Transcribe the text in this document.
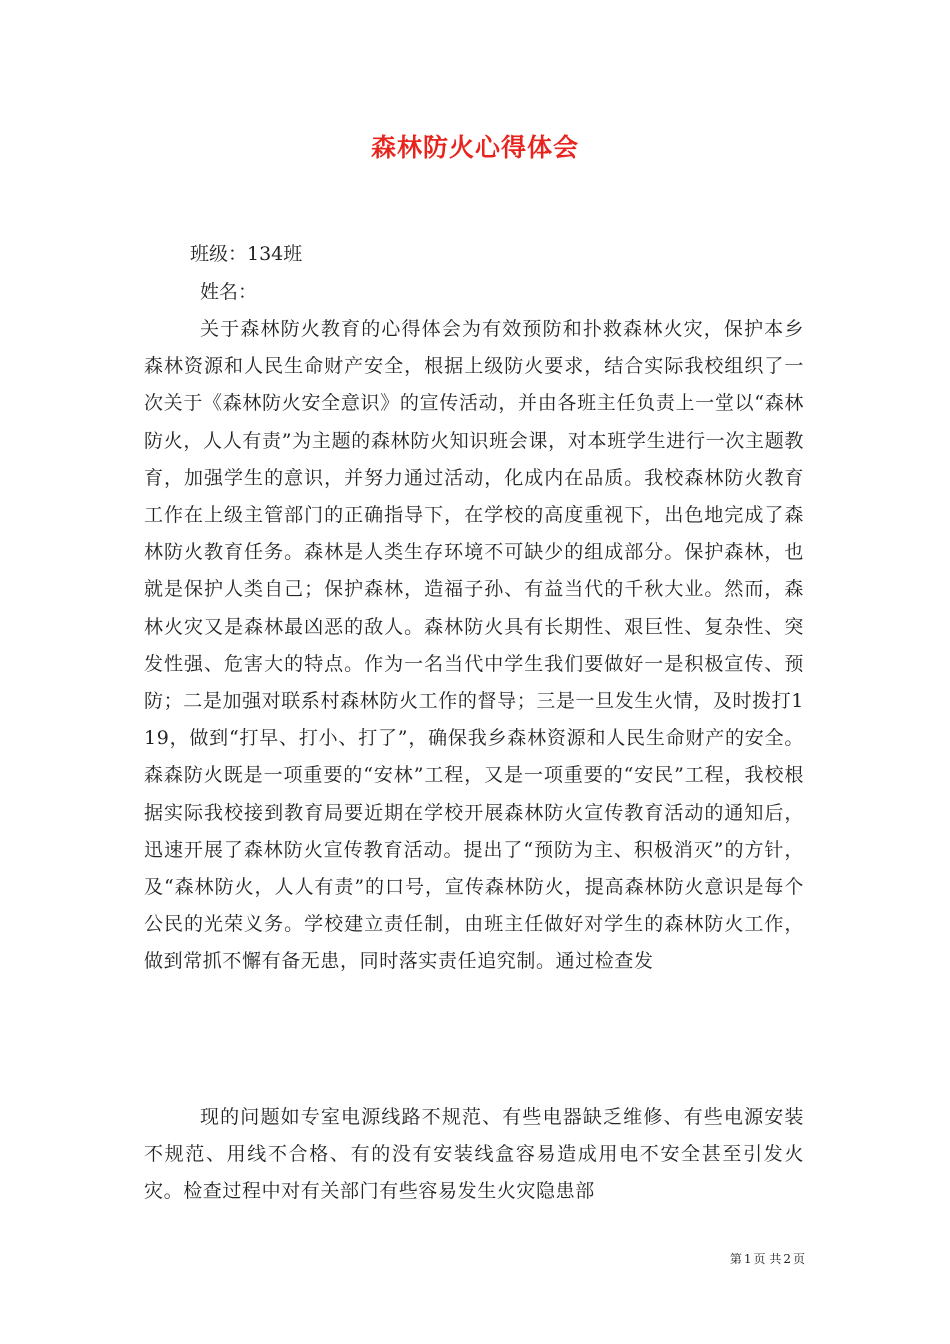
森林防火心得体会

班级：134班

姓名：

关于森林防火教育的心得体会为有效预防和扑救森林火灾，保护本乡森林资源和人民生命财产安全，根据上级防火要求，结合实际我校组织了一次关于《森林防火安全意识》的宣传活动，并由各班主任负责上一堂以“森林防火，人人有责”为主题的森林防火知识班会课，对本班学生进行一次主题教育，加强学生的意识，并努力通过活动，化成内在品质。我校森林防火教育工作在上级主管部门的正确指导下，在学校的高度重视下，出色地完成了森林防火教育任务。森林是人类生存环境不可缺少的组成部分。保护森林，也就是保护人类自己；保护森林，造福子孙、有益当代的千秋大业。然而，森林火灾又是森林最凶恶的敌人。森林防火具有长期性、艰巨性、复杂性、突发性强、危害大的特点。作为一名当代中学生我们要做好一是积极宣传、预防；二是加强对联系村森林防火工作的督导；三是一旦发生火情，及时拨打119，做到“打早、打小、打了”，确保我乡森林资源和人民生命财产的安全。森森防火既是一项重要的“安林”工程，又是一项重要的“安民”工程，我校根据实际我校接到教育局要近期在学校开展森林防火宣传教育活动的通知后，迅速开展了森林防火宣传教育活动。提出了“预防为主、积极消灭”的方针，及“森林防火，人人有责”的口号，宣传森林防火，提高森林防火意识是每个公民的光荣义务。学校建立责任制，由班主任做好对学生的森林防火工作，做到常抓不懈有备无患，同时落实责任追究制。通过检查发

现的问题如专室电源线路不规范、有些电器缺乏维修、有些电源安装不规范、用线不合格、有的没有安装线盒容易造成用电不安全甚至引发火灾。检查过程中对有关部门有些容易发生火灾隐患部

第 1 页 共 2 页
